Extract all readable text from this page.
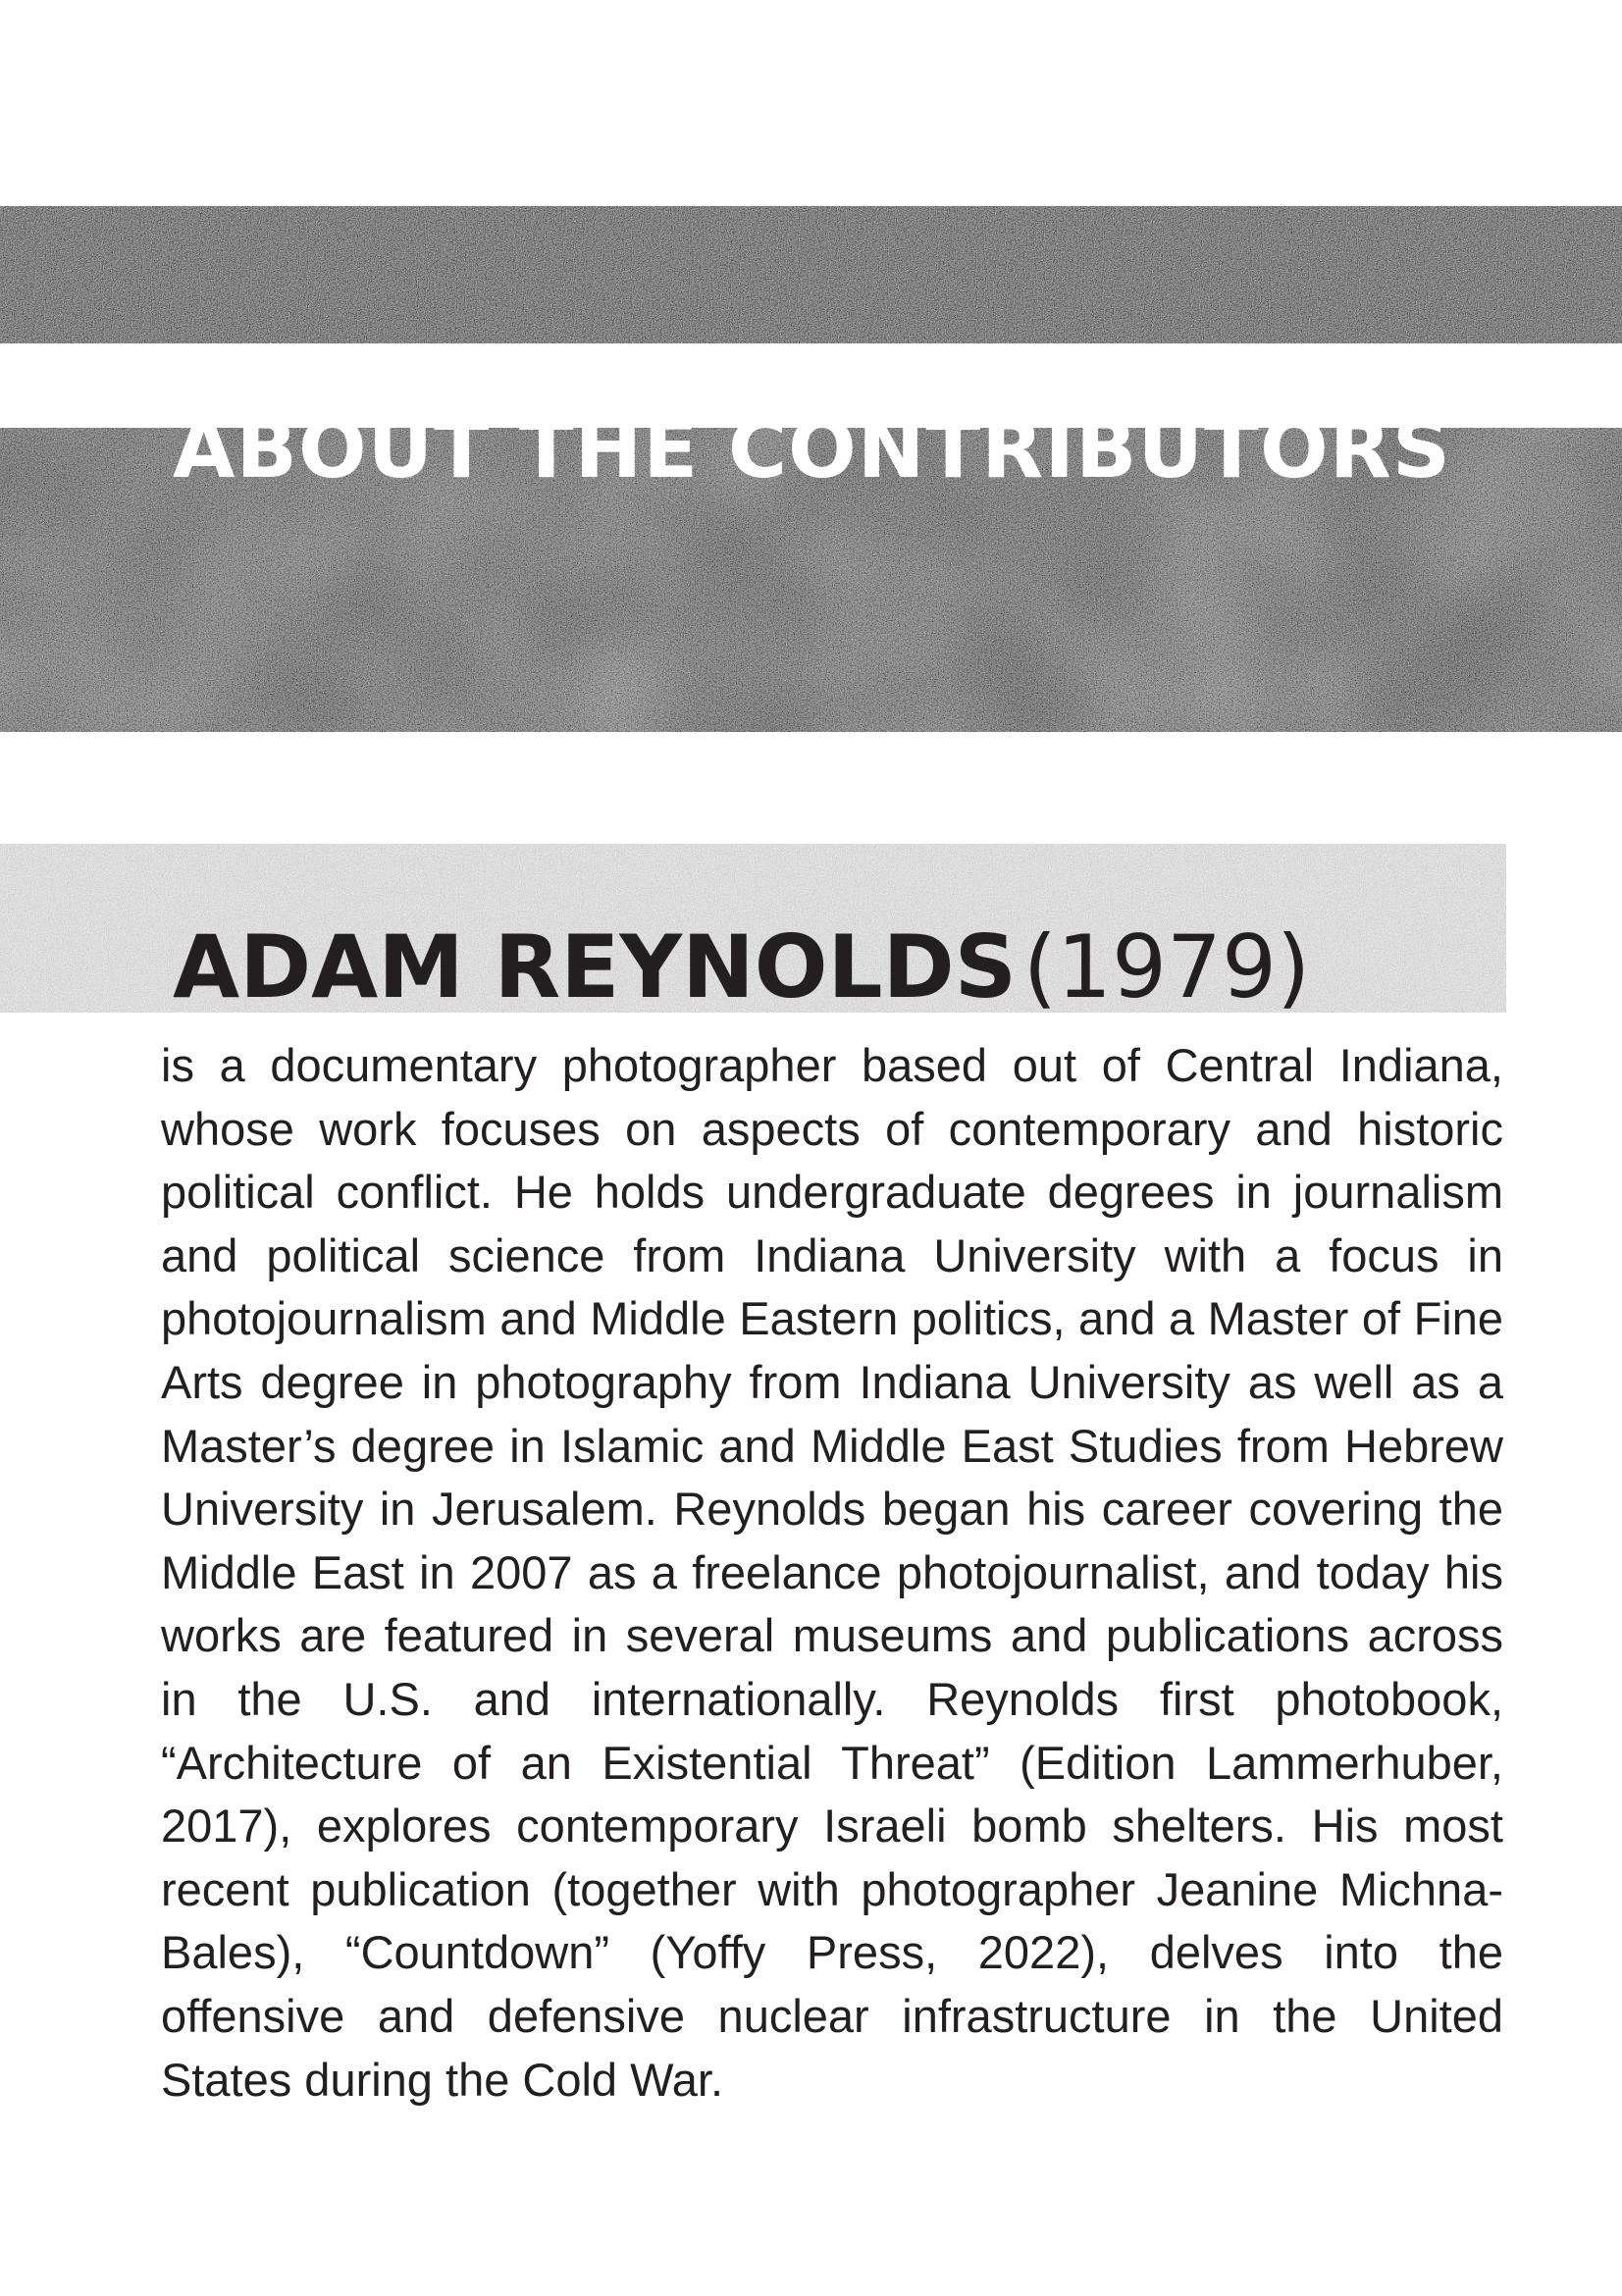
ABOUT THE CONTRIBUTORS
ADAM REYNOLDS (1979)

is a documentary photographer based out of Central Indiana, whose work focuses on aspects of contemporary and historic political conflict. He holds undergraduate degrees in journalism and political science from Indiana University with a focus in photojournalism and Middle Eastern politics, and a Master of Fine Arts degree in photography from Indiana University as well as a Master’s degree in Islamic and Middle East Studies from Hebrew University in Jerusalem. Reynolds began his career covering the Middle East in 2007 as a freelance photojournalist, and today his works are featured in several museums and publications across in the U.S. and internationally. Reynolds first photobook, “Architecture of an Existential Threat” (Edition Lammerhuber, 2017), explores contemporary Israeli bomb shelters. His most recent publication (together with photographer Jeanine Michna-Bales), “Countdown” (Yoffy Press, 2022), delves into the offensive and defensive nuclear infrastructure in the United States during the Cold War.
